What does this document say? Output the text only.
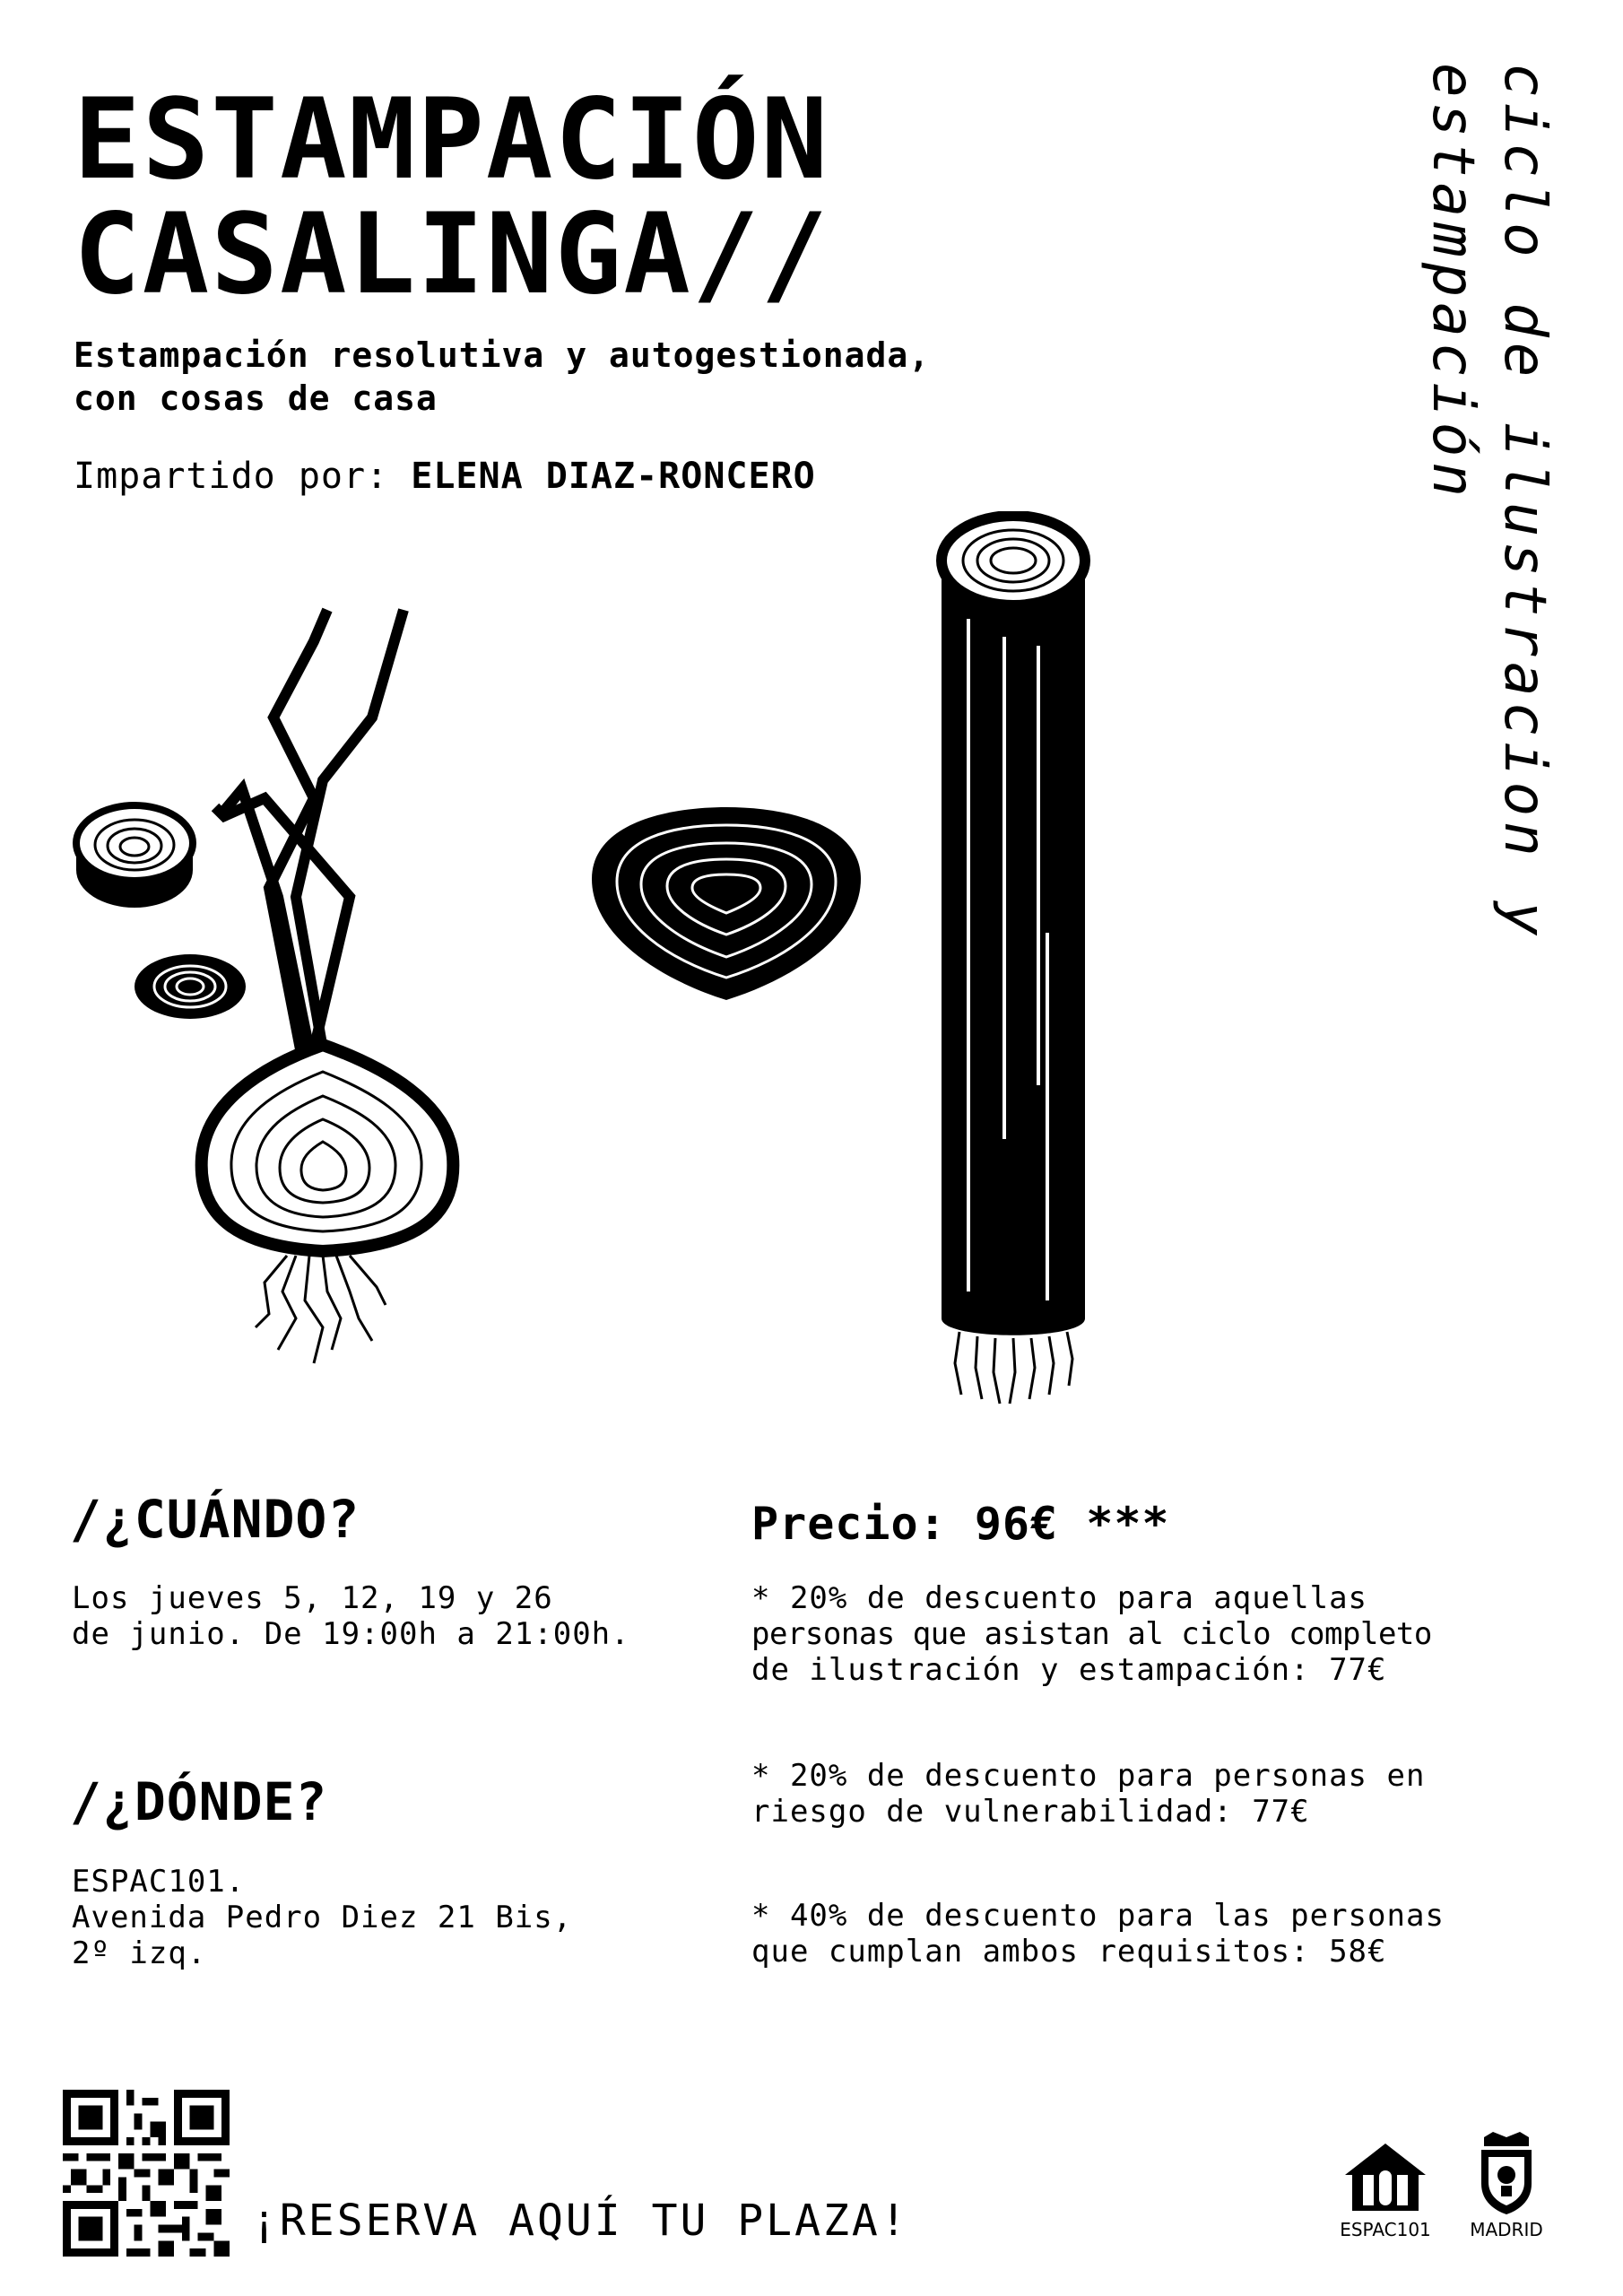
ESTAMPACIÓN
CASALINGA//
Estampación resolutiva y autogestionada,
con cosas de casa
Impartido por: ELENA DIAZ-RONCERO	ciclo de ilustracion y estampación
/¿CUÁNDO?
Los jueves 5, 12, 19 y 26
de junio. De 19:00h a 21:00h.
/¿DÓNDE?
ESPAC101.
Avenida Pedro Diez 21 Bis,
2º izq.
Precio: 96€ ***
* 20% de descuento para aquellas
personas que asistan al ciclo completo
de ilustración y estampación: 77€
* 20% de descuento para personas en
riesgo de vulnerabilidad: 77€
* 40% de descuento para las personas
que cumplan ambos requisitos: 58€
¡RESERVA AQUÍ TU PLAZA!	ESPAC101	MADRID
